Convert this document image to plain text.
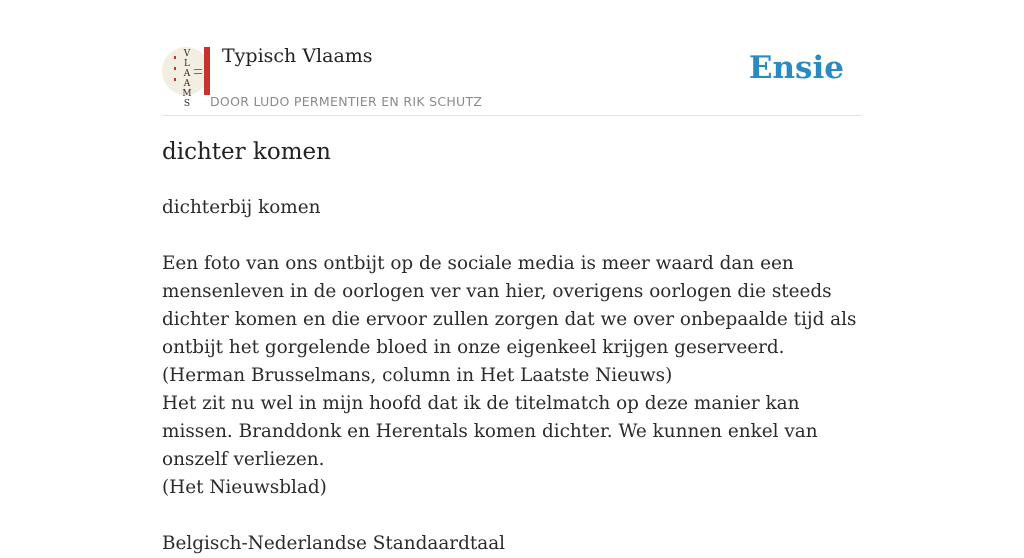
V
L
A
A
M
S
Typisch Vlaams
DOOR LUDO PERMENTIER EN RIK SCHUTZ
Ensie
dichter komen

dichterbij komen

Een foto van ons ontbijt op de sociale media is meer waard dan een mensenleven in de oorlogen ver van hier, overigens oorlogen die steeds dichter komen en die ervoor zullen zorgen dat we over onbepaalde tijd als ontbijt het gorgelende bloed in onze eigenkeel krijgen geserveerd.

(Herman Brusselmans, column in Het Laatste Nieuws)

Het zit nu wel in mijn hoofd dat ik de titelmatch op deze manier kan missen. Branddonk en Herentals komen dichter. We kunnen enkel van onszelf verliezen.

(Het Nieuwsblad)

Belgisch-Nederlandse Standaardtaal
